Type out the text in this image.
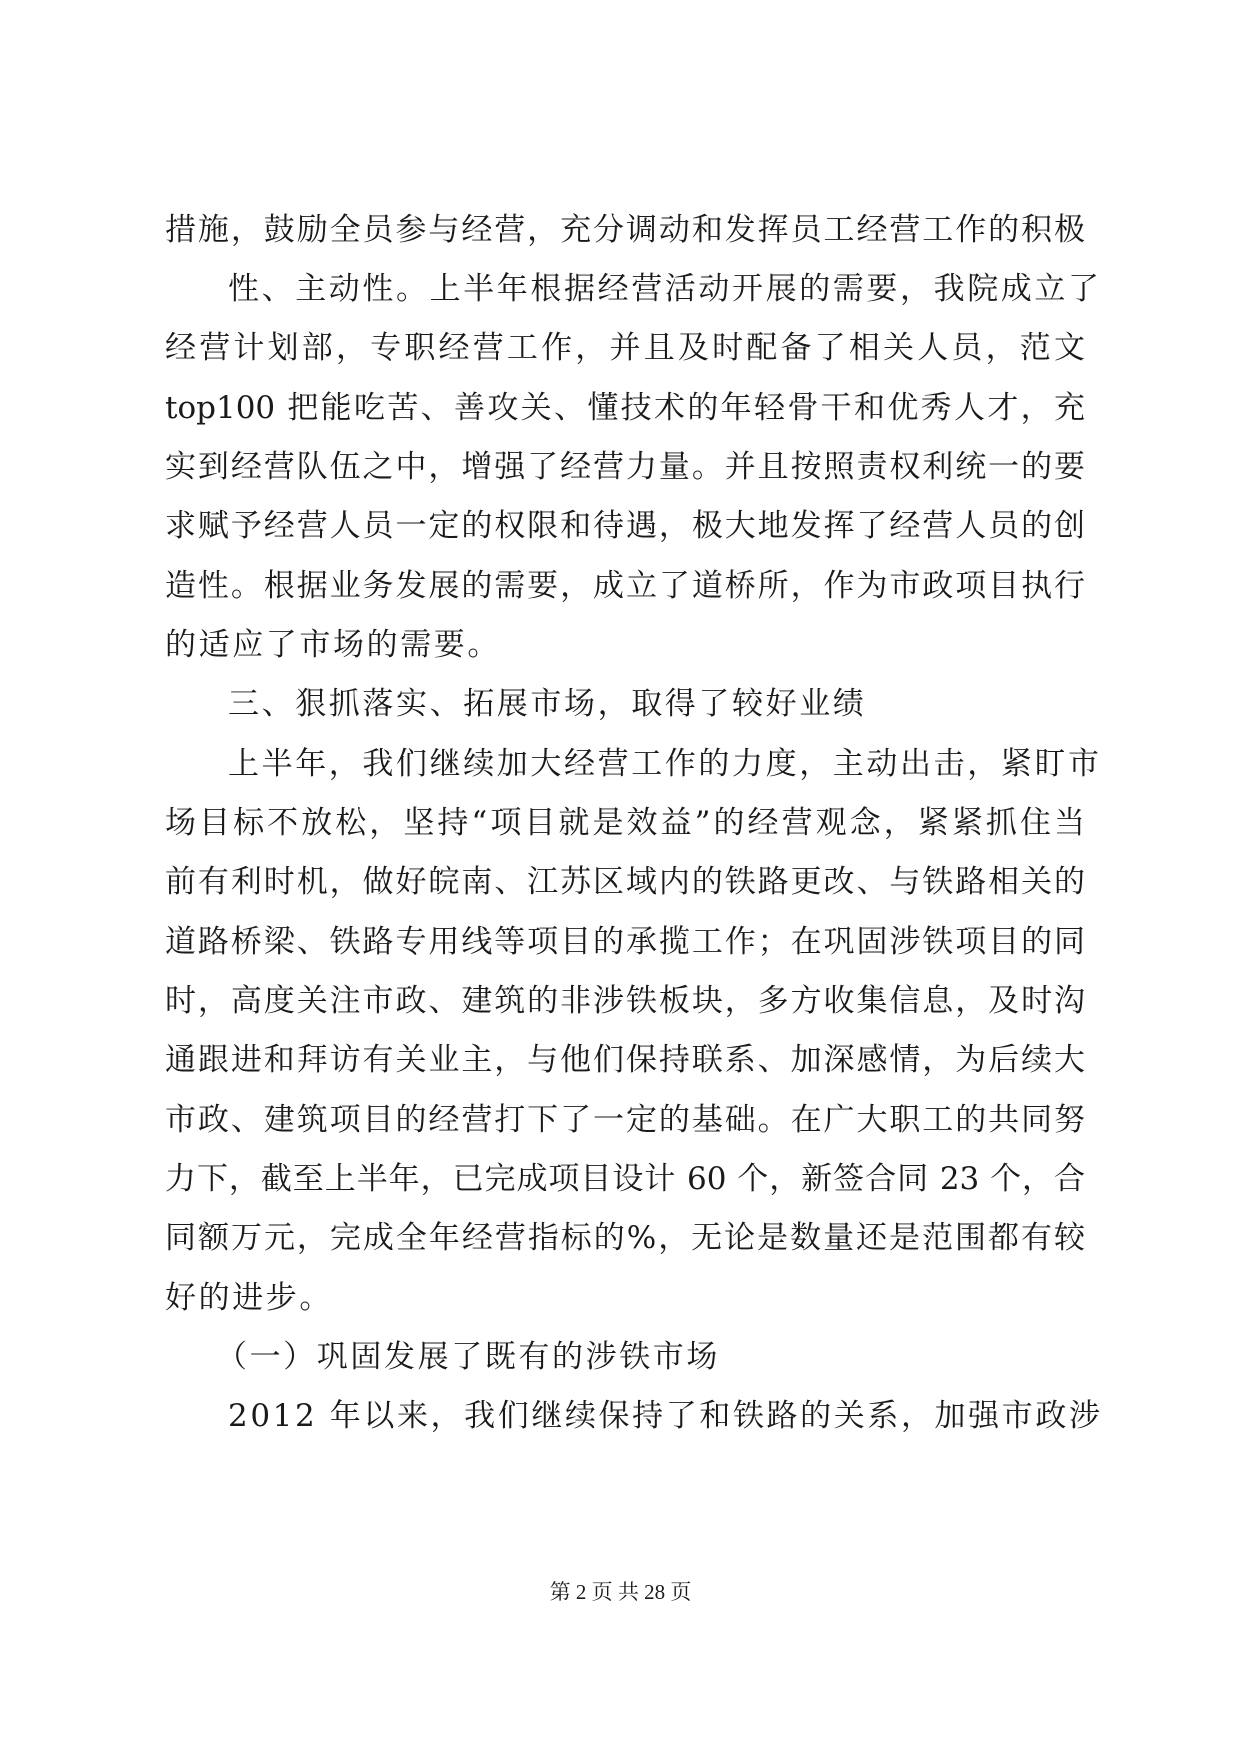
措施，鼓励全员参与经营，充分调动和发挥员工经营工作的积极
性、主动性。上半年根据经营活动开展的需要，我院成立了
经营计划部，专职经营工作，并且及时配备了相关人员，范文
top100 把能吃苦、善攻关、懂技术的年轻骨干和优秀人才，充
实到经营队伍之中，增强了经营力量。并且按照责权利统一的要
求赋予经营人员一定的权限和待遇，极大地发挥了经营人员的创
造性。根据业务发展的需要，成立了道桥所，作为市政项目执行
的适应了市场的需要。
三、狠抓落实、拓展市场，取得了较好业绩
上半年，我们继续加大经营工作的力度，主动出击，紧盯市
场目标不放松，坚持“项目就是效益”的经营观念，紧紧抓住当
前有利时机，做好皖南、江苏区域内的铁路更改、与铁路相关的
道路桥梁、铁路专用线等项目的承揽工作；在巩固涉铁项目的同
时，高度关注市政、建筑的非涉铁板块，多方收集信息，及时沟
通跟进和拜访有关业主，与他们保持联系、加深感情，为后续大
市政、建筑项目的经营打下了一定的基础。在广大职工的共同努
力下，截至上半年，已完成项目设计 60 个，新签合同 23 个，合
同额万元，完成全年经营指标的%，无论是数量还是范围都有较
好的进步。
（一）巩固发展了既有的涉铁市场
2012 年以来，我们继续保持了和铁路的关系，加强市政涉
第 2 页 共 28 页
